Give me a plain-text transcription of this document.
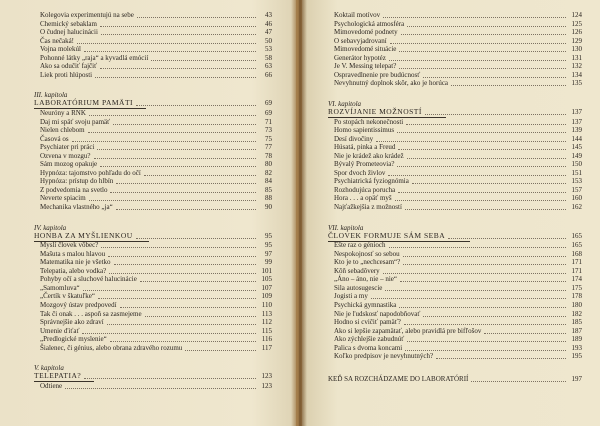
Kolegovia experimentujú na sebe	43
Chemický sebaklam	46
O čudnej halucinácii	47
Čas nečaká!	50
Vojna molekúl	53
Pohonné látky „raja“ a kyvadlá emócií	58
Ako sa odučiť fajčiť	63
Liek proti hlúposti	66
III. kapitola
LABORATÓRIUM PAMÄTI	69
Neuróny a RNK	69
Daj mi späť svoju pamäť	71
Nielen chlebom	73
Časová os	75
Psychiater pri práci	77
Ozvena v mozgu?	78
Sám mozog opakuje	80
Hypnóza: tajomstvo pohľadu do očí	82
Hypnóza: prístup do hlbín	84
Z podvedomia na svetlo	85
Neverte spiacim	88
Mechanika vlastného „ja“	90
IV. kapitola
HONBA ZA MYŠLIENKOU	95
Myslí človek vôbec?	95
Mašuta s malou hlavou	97
Matematika nie je všetko	99
Telepatia, alebo vodka?	101
Pohyby očí a sluchové halucinácie	105
„Samomluva“	107
„Čertík v škatuľke“	109
Mozgový ústav predpovedí	110
Tak či onak . . . aspoň sa zasmejeme	113
Správnejšie ako zdraví	112
Umenie ďiťať	115
„Predlogické myslenie“	116
Šialenec, či génius, alebo obrana zdravého rozumu	117
V. kapitola
TELEPATIA?	123
Odtiene	123
Koktail motívov	124
Psychologická atmosféra	125
Mimovedomé podnety	126
O sebavyjadrovaní	129
Mimovedomé situácie	130
Generátor hypotéz	131
Je V. Messing telepat?	132
Ospravedlnenie pre budúcnosť	134
Nevyhnutný doplnok skôr, ako je horúca	135
VI. kapitola
ROZVÍJANIE MOŽNOSTÍ	137
Po stopách nekonečnosti	137
Homo sapientissimus	139
Desí divočiny	144
Húsatá, pinka a Freud	145
Nie je krádež ako krádež	149
Bývalý Prometeovia?	150
Spor dvoch živlov	151
Psychiatrická fyziognómia	153
Rozhodujúca porucha	157
Hora . . . a opäť myš	160
Najťažkejšia z možností	162
VII. kapitola
ČLOVEK FORMUJE SÁM SEBA	165
Ešte raz o génioch	165
Nespokojnosť so sebou	168
Kto je to „nechcesam“?	171
Kôň sebadôvery	171
„Áno – áno, nie – nie“	174
Sila autosugescie	175
Jogisti a my	178
Psychická gymnastika	180
Nie je ľudskosť napodobňovať	182
Hodno si cvičiť pamäť?	185
Ako si lepšie zapamätať, alebo pravidlá pre bifľošov	187
Ako zýchlejšie zabudnúť	189
Palica s dvoma koncami	193
Koľko predpisov je nevyhnutných?	195
KEĎ SA ROZCHÁDZAME DO LABORATÓRIÍ	197
